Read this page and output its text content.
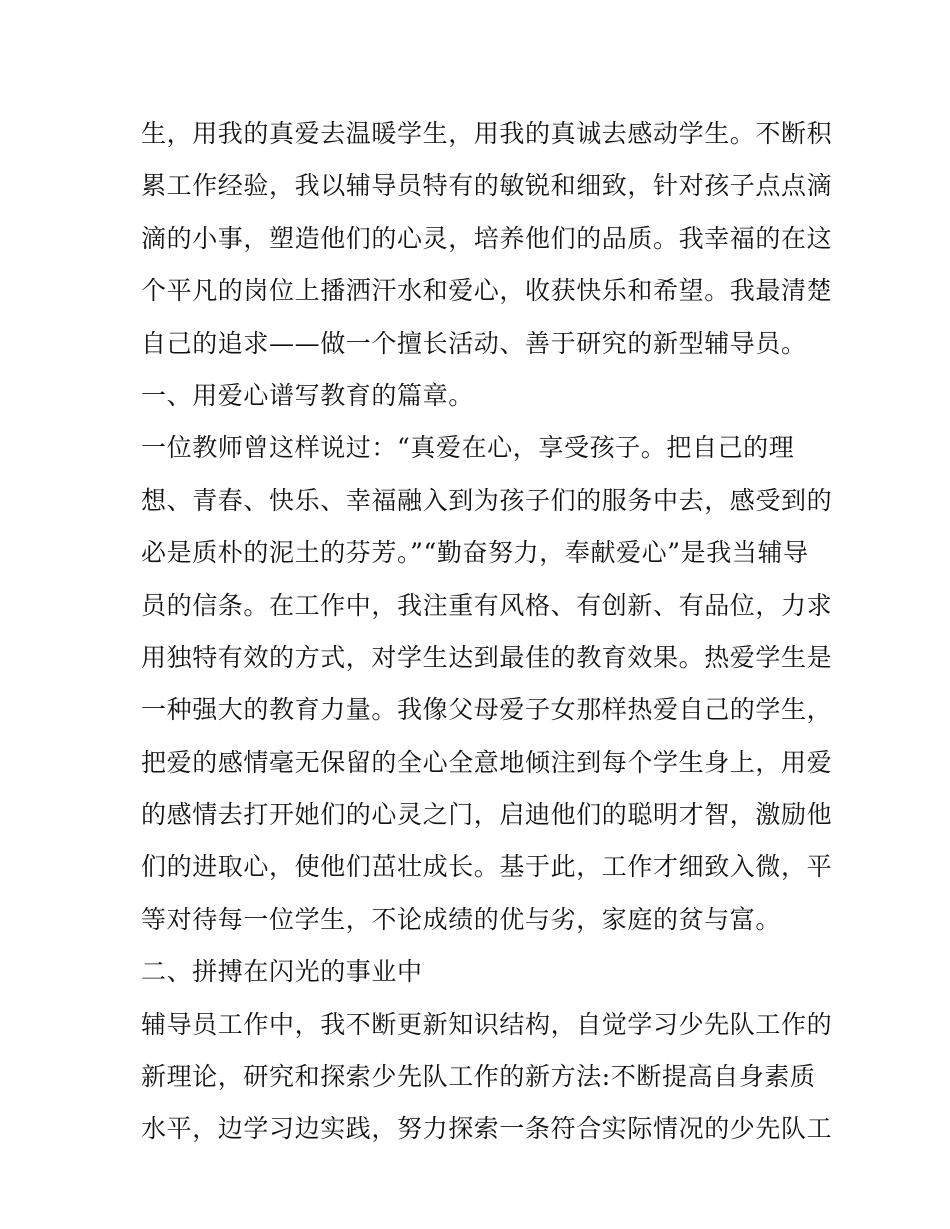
生，用我的真爱去温暖学生，用我的真诚去感动学生。不断积
累工作经验，我以辅导员特有的敏锐和细致，针对孩子点点滴
滴的小事，塑造他们的心灵，培养他们的品质。我幸福的在这
个平凡的岗位上播洒汗水和爱心，收获快乐和希望。我最清楚
自己的追求——做一个擅长活动、善于研究的新型辅导员。
一、用爱心谱写教育的篇章。
一位教师曾这样说过：“真爱在心，享受孩子。把自己的理
想、青春、快乐、幸福融入到为孩子们的服务中去，感受到的
必是质朴的泥土的芬芳。”“勤奋努力，奉献爱心”是我当辅导
员的信条。在工作中，我注重有风格、有创新、有品位，力求
用独特有效的方式，对学生达到最佳的教育效果。热爱学生是
一种强大的教育力量。我像父母爱子女那样热爱自己的学生，
把爱的感情毫无保留的全心全意地倾注到每个学生身上，用爱
的感情去打开她们的心灵之门，启迪他们的聪明才智，激励他
们的进取心，使他们茁壮成长。基于此，工作才细致入微，平
等对待每一位学生，不论成绩的优与劣，家庭的贫与富。
二、拼搏在闪光的事业中
辅导员工作中，我不断更新知识结构，自觉学习少先队工作的
新理论，研究和探索少先队工作的新方法:不断提高自身素质
水平，边学习边实践，努力探索一条符合实际情况的少先队工
